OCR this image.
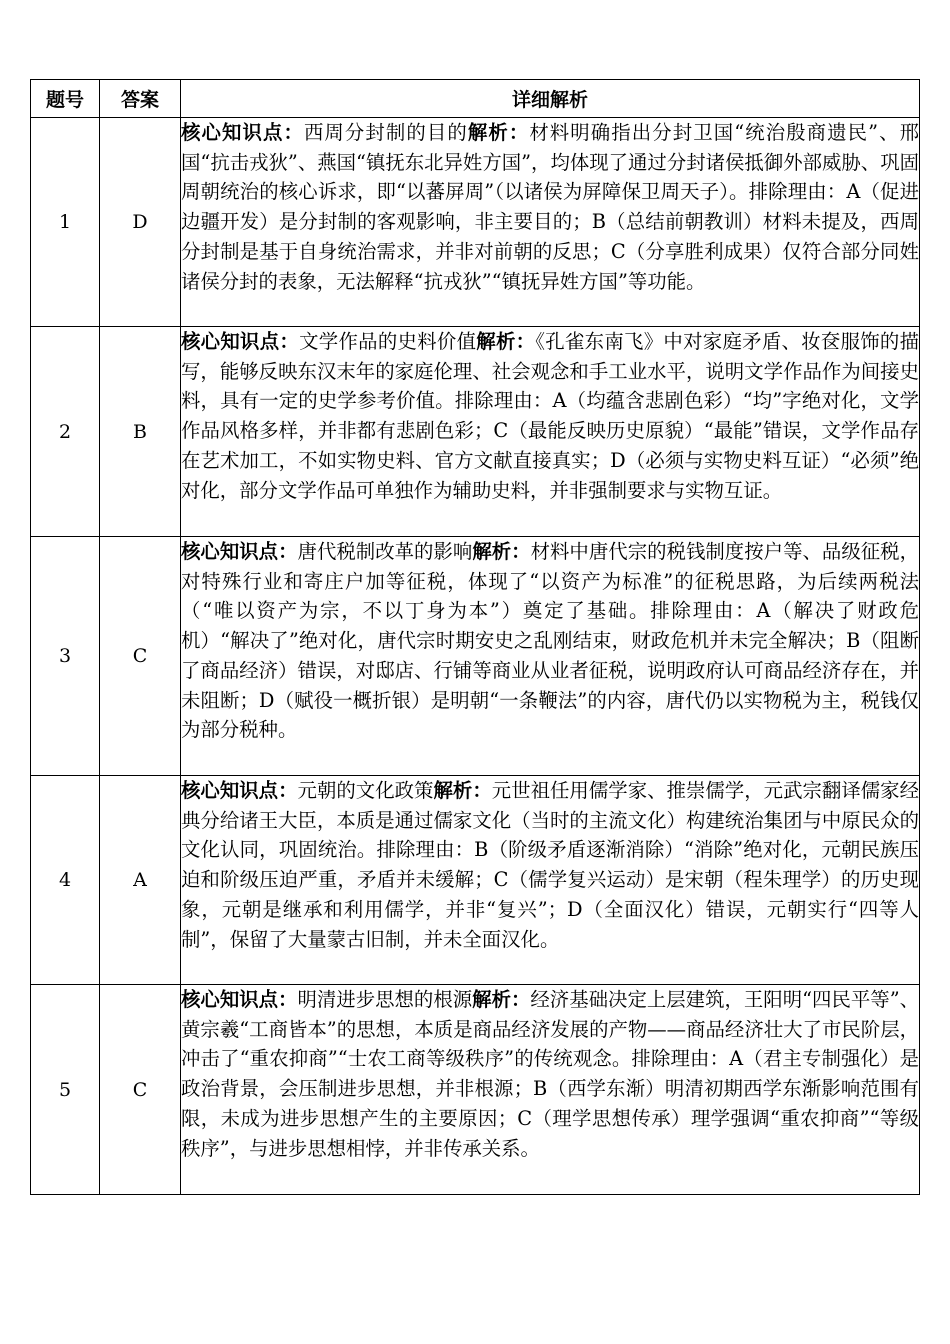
题号	答案	详细解析
1	D	核心知识点：西周分封制的目的解析：材料明确指出分封卫国“统治殷商遗民”、邢国“抗击戎狄”、燕国“镇抚东北异姓方国”，均体现了通过分封诸侯抵御外部威胁、巩固周朝统治的核心诉求，即“以蕃屏周”（以诸侯为屏障保卫周天子）。排除理由：A（促进边疆开发）是分封制的客观影响，非主要目的；B（总结前朝教训）材料未提及，西周分封制是基于自身统治需求，并非对前朝的反思；C（分享胜利成果）仅符合部分同姓诸侯分封的表象，无法解释“抗戎狄”“镇抚异姓方国”等功能。
2	B	核心知识点：文学作品的史料价值解析：《孔雀东南飞》中对家庭矛盾、妆奁服饰的描写，能够反映东汉末年的家庭伦理、社会观念和手工业水平，说明文学作品作为间接史料，具有一定的史学参考价值。排除理由：A（均蕴含悲剧色彩）“均”字绝对化，文学作品风格多样，并非都有悲剧色彩；C（最能反映历史原貌）“最能”错误，文学作品存在艺术加工，不如实物史料、官方文献直接真实；D（必须与实物史料互证）“必须”绝对化，部分文学作品可单独作为辅助史料，并非强制要求与实物互证。
3	C	核心知识点：唐代税制改革的影响解析：材料中唐代宗的税钱制度按户等、品级征税，对特殊行业和寄庄户加等征税，体现了“以资产为标准”的征税思路，为后续两税法（“唯以资产为宗，不以丁身为本”）奠定了基础。排除理由：A（解决了财政危机）“解决了”绝对化，唐代宗时期安史之乱刚结束，财政危机并未完全解决；B（阻断了商品经济）错误，对邸店、行铺等商业从业者征税，说明政府认可商品经济存在，并未阻断；D（赋役一概折银）是明朝“一条鞭法”的内容，唐代仍以实物税为主，税钱仅为部分税种。
4	A	核心知识点：元朝的文化政策解析：元世祖任用儒学家、推崇儒学，元武宗翻译儒家经典分给诸王大臣，本质是通过儒家文化（当时的主流文化）构建统治集团与中原民众的文化认同，巩固统治。排除理由：B（阶级矛盾逐渐消除）“消除”绝对化，元朝民族压迫和阶级压迫严重，矛盾并未缓解；C（儒学复兴运动）是宋朝（程朱理学）的历史现象，元朝是继承和利用儒学，并非“复兴”；D（全面汉化）错误，元朝实行“四等人制”，保留了大量蒙古旧制，并未全面汉化。
5	C	核心知识点：明清进步思想的根源解析：经济基础决定上层建筑，王阳明“四民平等”、黄宗羲“工商皆本”的思想，本质是商品经济发展的产物——商品经济壮大了市民阶层，冲击了“重农抑商”“士农工商等级秩序”的传统观念。排除理由：A（君主专制强化）是政治背景，会压制进步思想，并非根源；B（西学东渐）明清初期西学东渐影响范围有限，未成为进步思想产生的主要原因；C（理学思想传承）理学强调“重农抑商”“等级秩序”，与进步思想相悖，并非传承关系。
